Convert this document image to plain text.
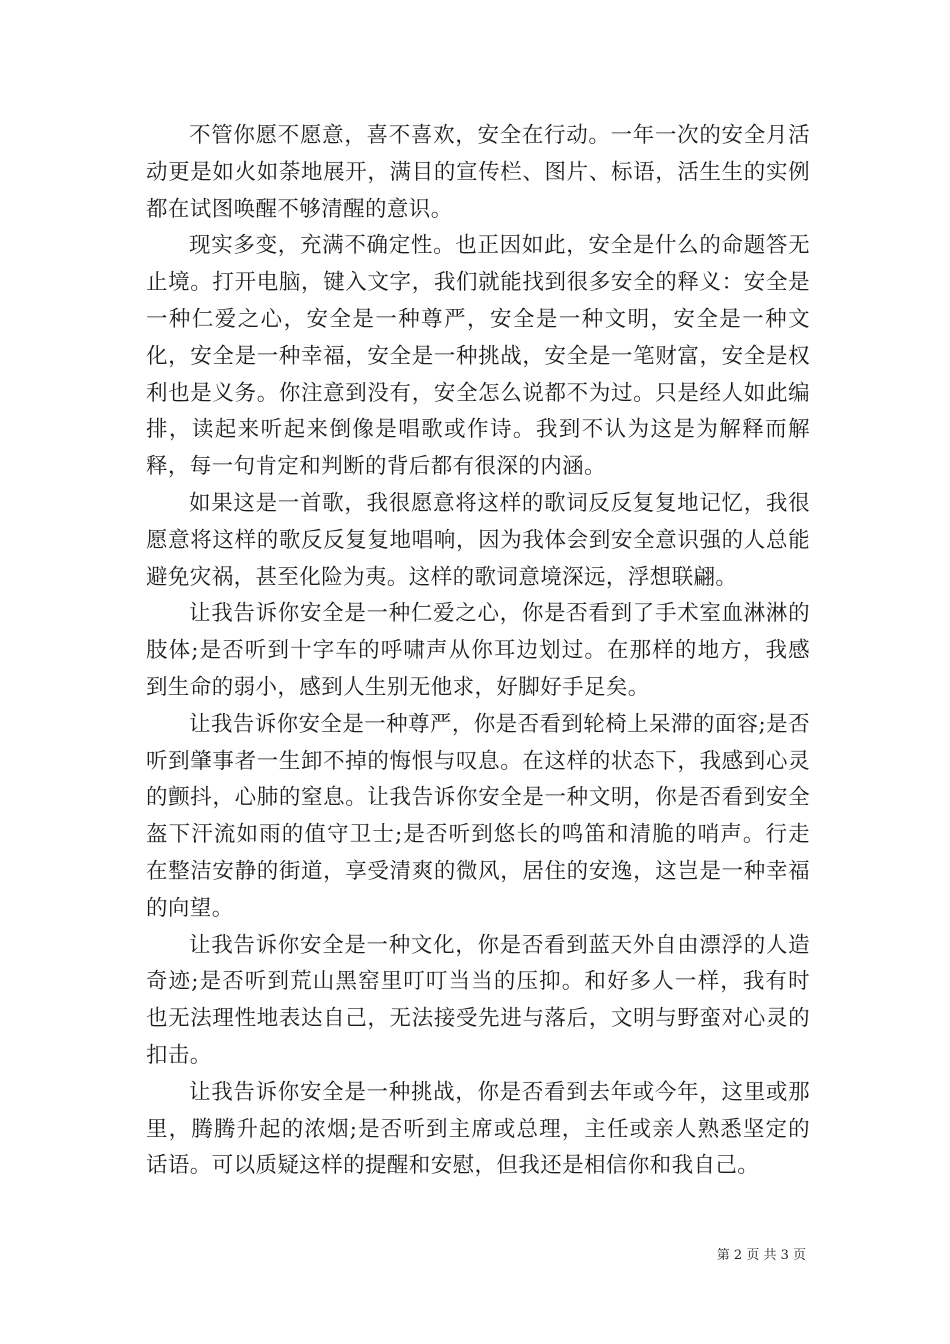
不管你愿不愿意，喜不喜欢，安全在行动。一年一次的安全月活动更是如火如荼地展开，满目的宣传栏、图片、标语，活生生的实例都在试图唤醒不够清醒的意识。

现实多变，充满不确定性。也正因如此，安全是什么的命题答无止境。打开电脑，键入文字，我们就能找到很多安全的释义：安全是一种仁爱之心，安全是一种尊严，安全是一种文明，安全是一种文化，安全是一种幸福，安全是一种挑战，安全是一笔财富，安全是权利也是义务。你注意到没有，安全怎么说都不为过。只是经人如此编排，读起来听起来倒像是唱歌或作诗。我到不认为这是为解释而解释，每一句肯定和判断的背后都有很深的内涵。

如果这是一首歌，我很愿意将这样的歌词反反复复地记忆，我很愿意将这样的歌反反复复地唱响，因为我体会到安全意识强的人总能避免灾祸，甚至化险为夷。这样的歌词意境深远，浮想联翩。

让我告诉你安全是一种仁爱之心，你是否看到了手术室血淋淋的肢体;是否听到十字车的呼啸声从你耳边划过。在那样的地方，我感到生命的弱小，感到人生别无他求，好脚好手足矣。

让我告诉你安全是一种尊严，你是否看到轮椅上呆滞的面容;是否听到肇事者一生卸不掉的悔恨与叹息。在这样的状态下，我感到心灵的颤抖，心肺的窒息。让我告诉你安全是一种文明，你是否看到安全盔下汗流如雨的值守卫士;是否听到悠长的鸣笛和清脆的哨声。行走在整洁安静的街道，享受清爽的微风，居住的安逸，这岂是一种幸福的向望。

让我告诉你安全是一种文化，你是否看到蓝天外自由漂浮的人造奇迹;是否听到荒山黑窑里叮叮当当的压抑。和好多人一样，我有时也无法理性地表达自己，无法接受先进与落后，文明与野蛮对心灵的扣击。

让我告诉你安全是一种挑战，你是否看到去年或今年，这里或那里，腾腾升起的浓烟;是否听到主席或总理，主任或亲人熟悉坚定的话语。可以质疑这样的提醒和安慰，但我还是相信你和我自己。

第 2 页 共 3 页
